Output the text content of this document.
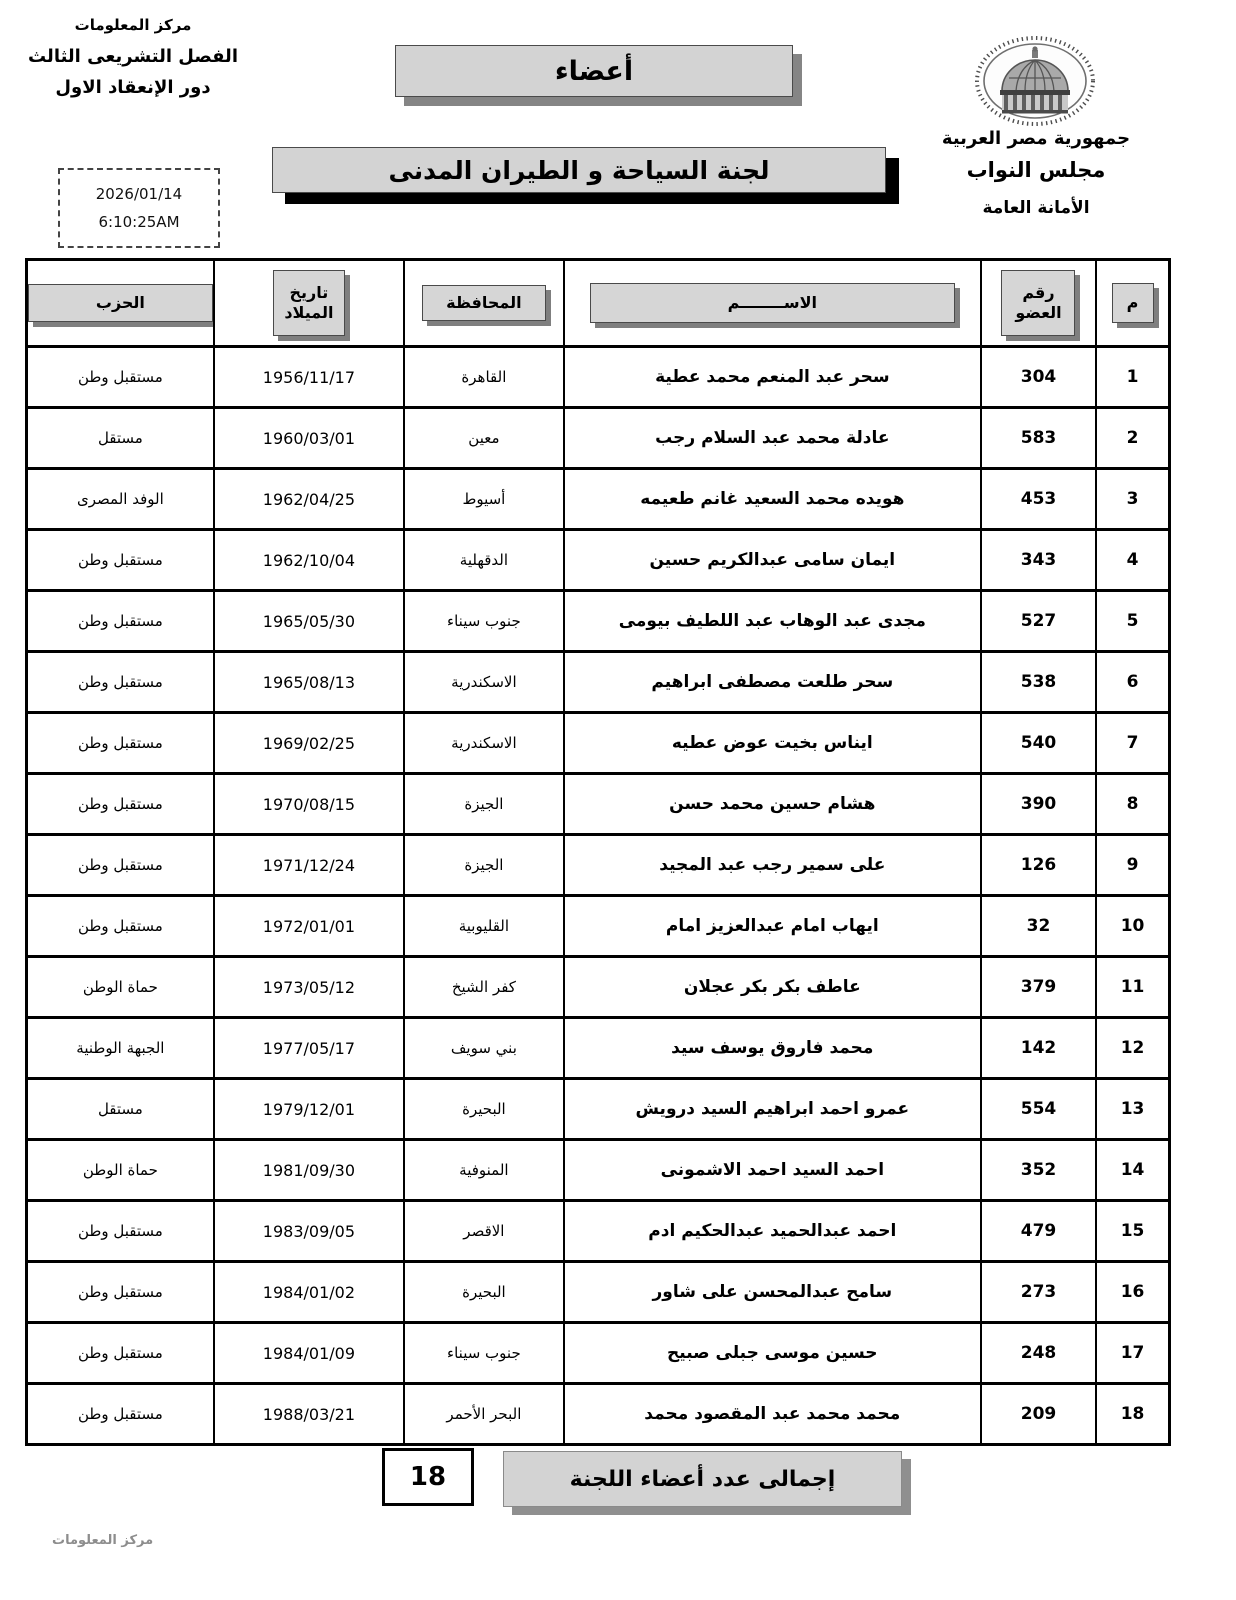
مركز المعلومات
الفصل التشريعى الثالث
دور الإنعقاد الاول
2026/01/14
6:10:25AM
أعضاء
لجنة السياحة و الطيران المدنى
جمهورية مصر العربية
مجلس النواب
الأمانة العامة
م
رقم العضو
الاســــــــم
المحافظة
تاريخ الميلاد
الحزب
1
304
سحر عبد المنعم محمد عطية
القاهرة
1956/11/17
مستقبل وطن
2
583
عادلة محمد عبد السلام رجب
معين
1960/03/01
مستقل
3
453
هويده محمد السعيد غانم طعيمه
أسيوط
1962/04/25
الوفد المصرى
4
343
ايمان سامى عبدالكريم حسين
الدقهلية
1962/10/04
مستقبل وطن
5
527
مجدى عبد الوهاب عبد اللطيف بيومى
جنوب سيناء
1965/05/30
مستقبل وطن
6
538
سحر طلعت مصطفى ابراهيم
الاسكندرية
1965/08/13
مستقبل وطن
7
540
ايناس بخيت عوض عطيه
الاسكندرية
1969/02/25
مستقبل وطن
8
390
هشام حسين محمد حسن
الجيزة
1970/08/15
مستقبل وطن
9
126
على سمير رجب عبد المجيد
الجيزة
1971/12/24
مستقبل وطن
10
32
ايهاب امام عبدالعزيز امام
القليوبية
1972/01/01
مستقبل وطن
11
379
عاطف بكر بكر عجلان
كفر الشيخ
1973/05/12
حماة الوطن
12
142
محمد فاروق يوسف سيد
بني سويف
1977/05/17
الجبهة الوطنية
13
554
عمرو احمد ابراهيم السيد درويش
البحيرة
1979/12/01
مستقل
14
352
احمد السيد احمد الاشمونى
المنوفية
1981/09/30
حماة الوطن
15
479
احمد عبدالحميد عبدالحكيم ادم
الاقصر
1983/09/05
مستقبل وطن
16
273
سامح عبدالمحسن على شاور
البحيرة
1984/01/02
مستقبل وطن
17
248
حسين موسى جبلى صبيح
جنوب سيناء
1984/01/09
مستقبل وطن
18
209
محمد محمد عبد المقصود محمد
البحر الأحمر
1988/03/21
مستقبل وطن
18	إجمالى عدد أعضاء اللجنة
مركز المعلومات
